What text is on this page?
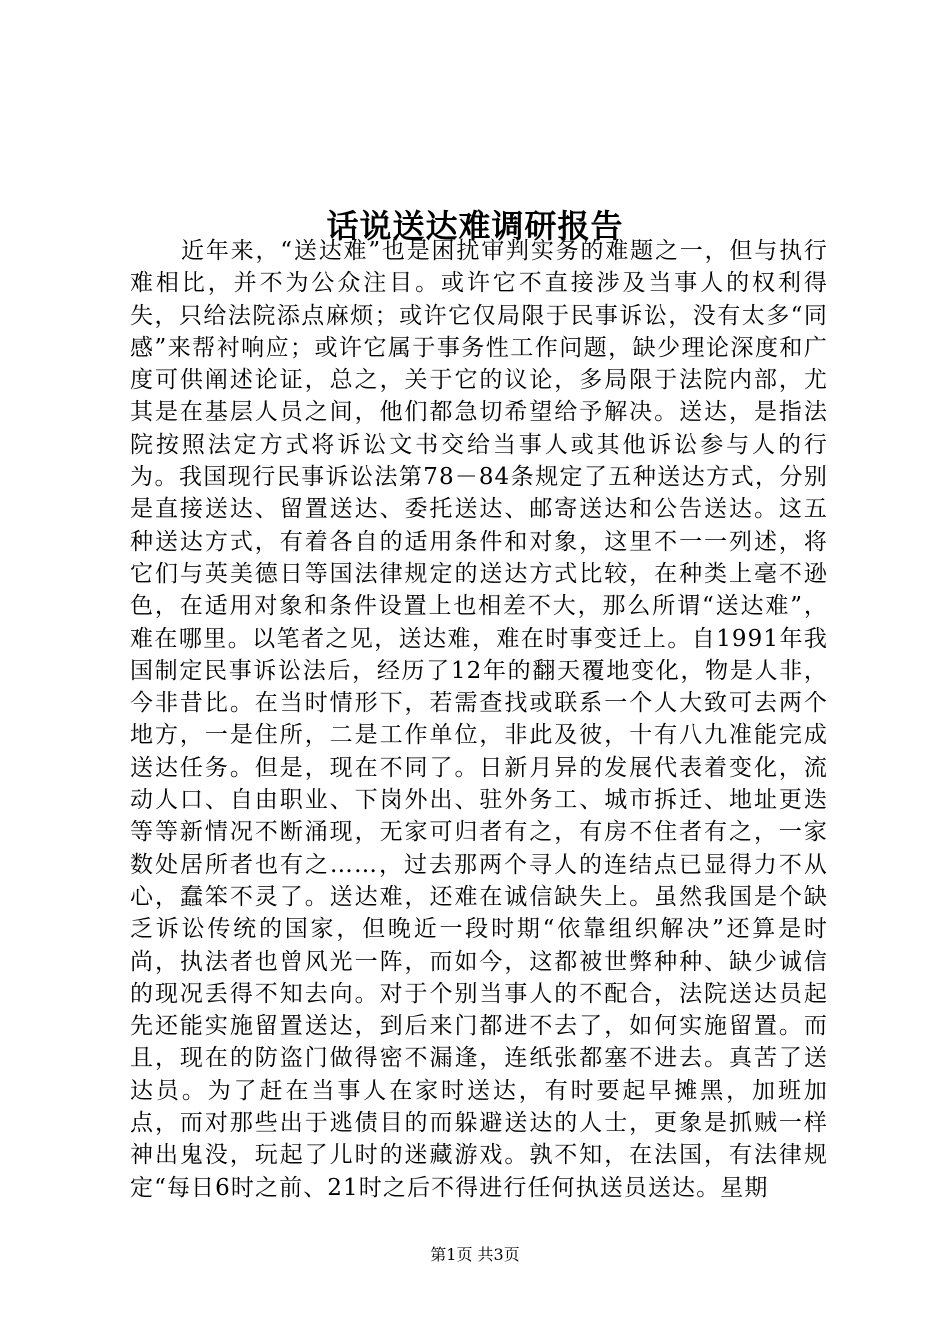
话说送达难调研报告

近年来，“送达难”也是困扰审判实务的难题之一，但与执行难相比，并不为公众注目。或许它不直接涉及当事人的权利得失，只给法院添点麻烦；或许它仅局限于民事诉讼，没有太多“同感”来帮衬响应；或许它属于事务性工作问题，缺少理论深度和广度可供阐述论证，总之，关于它的议论，多局限于法院内部，尤其是在基层人员之间，他们都急切希望给予解决。送达，是指法院按照法定方式将诉讼文书交给当事人或其他诉讼参与人的行为。我国现行民事诉讼法第78－84条规定了五种送达方式，分别是直接送达、留置送达、委托送达、邮寄送达和公告送达。这五种送达方式，有着各自的适用条件和对象，这里不一一列述，将它们与英美德日等国法律规定的送达方式比较，在种类上毫不逊色，在适用对象和条件设置上也相差不大，那么所谓“送达难”，难在哪里。以笔者之见，送达难，难在时事变迁上。自1991年我国制定民事诉讼法后，经历了12年的翻天覆地变化，物是人非，今非昔比。在当时情形下，若需查找或联系一个人大致可去两个地方，一是住所，二是工作单位，非此及彼，十有八九准能完成送达任务。但是，现在不同了。日新月异的发展代表着变化，流动人口、自由职业、下岗外出、驻外务工、城市拆迁、地址更迭等等新情况不断涌现，无家可归者有之，有房不住者有之，一家数处居所者也有之……，过去那两个寻人的连结点已显得力不从心，蠢笨不灵了。送达难，还难在诚信缺失上。虽然我国是个缺乏诉讼传统的国家，但晚近一段时期“依靠组织解决”还算是时尚，执法者也曾风光一阵，而如今，这都被世弊种种、缺少诚信的现况丢得不知去向。对于个别当事人的不配合，法院送达员起先还能实施留置送达，到后来门都进不去了，如何实施留置。而且，现在的防盗门做得密不漏逢，连纸张都塞不进去。真苦了送达员。为了赶在当事人在家时送达，有时要起早摊黑，加班加点，而对那些出于逃债目的而躲避送达的人士，更象是抓贼一样神出鬼没，玩起了儿时的迷藏游戏。孰不知，在法国，有法律规定“每日6时之前、21时之后不得进行任何执送员送达。星期

第1页 共3页
